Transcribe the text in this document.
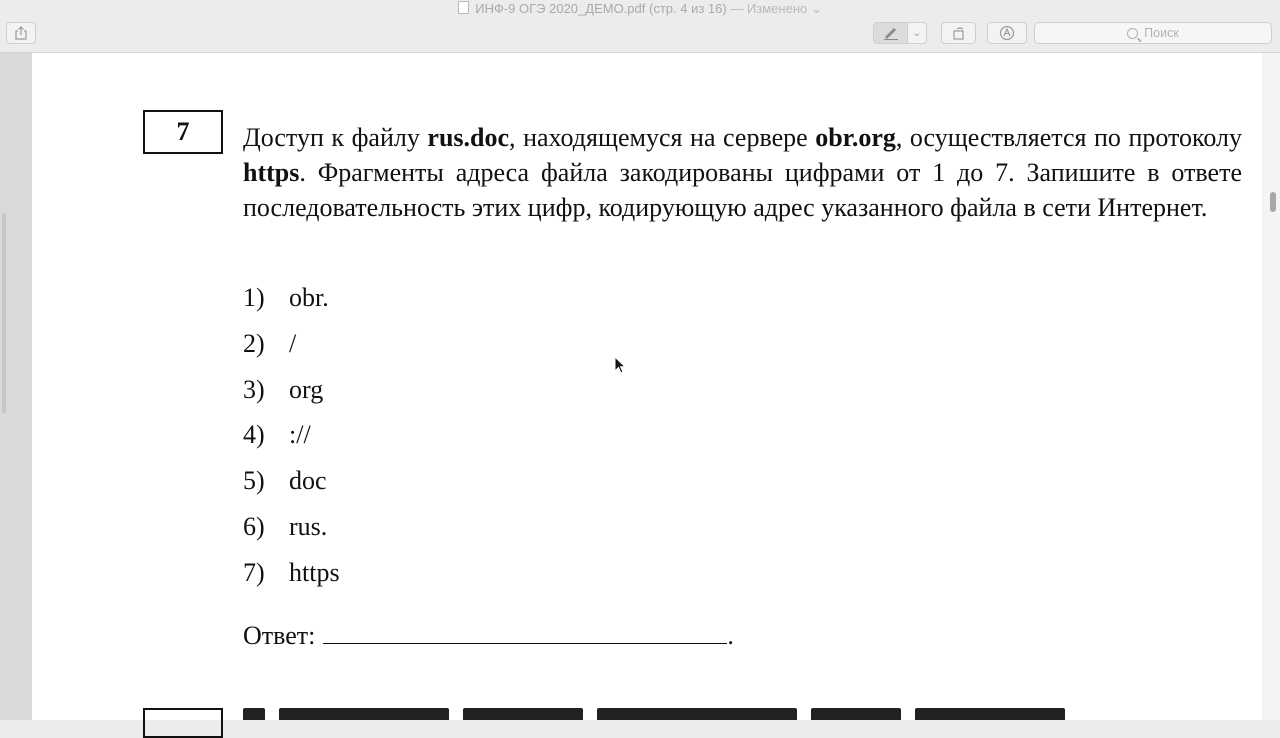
ИНФ-9 ОГЭ 2020_ДЕМО.pdf (стр. 4 из 16) — Изменено ⌄
⌄	Поиск
7	Доступ к файлу rus.doc, находящемуся на сервере obr.org, осуществляется по протоколу https. Фрагменты адреса файла закодированы цифрами от 1 до 7. Запишите в ответе последовательность этих цифр, кодирующую адрес указанного файла в сети Интернет.
1) obr.
2) /
3) org
4) ://
5) doc
6) rus.
7) https
Ответ:	.
